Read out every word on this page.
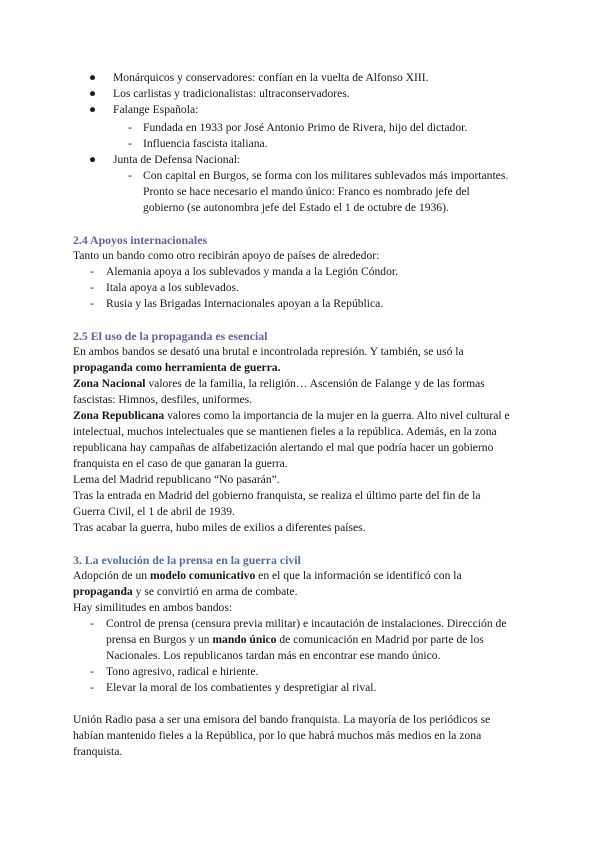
● Monárquicos y conservadores: confían en la vuelta de Alfonso XIII.
● Los carlistas y tradicionalistas: ultraconservadores.
● Falange Española:
- Fundada en 1933 por José Antonio Primo de Rivera, hijo del dictador.
- Influencia fascista italiana.
● Junta de Defensa Nacional:
- Con capital en Burgos, se forma con los militares sublevados más importantes. Pronto se hace necesario el mando único: Franco es nombrado jefe del gobierno (se autonombra jefe del Estado el 1 de octubre de 1936).
2.4 Apoyos internacionales

Tanto un bando como otro recibirán apoyo de países de alrededor:

- Alemania apoya a los sublevados y manda a la Legión Cóndor.
- Itala apoya a los sublevados.
- Rusia y las Brigadas Internacionales apoyan a la República.
2.5 El uso de la propaganda es esencial

En ambos bandos se desató una brutal e incontrolada represión. Y también, se usó la propaganda como herramienta de guerra.

Zona Nacional valores de la familia, la religión… Ascensión de Falange y de las formas fascistas: Himnos, desfiles, uniformes.

Zona Republicana valores como la importancia de la mujer en la guerra. Alto nivel cultural e intelectual, muchos intelectuales que se mantienen fieles a la república. Además, en la zona republicana hay campañas de alfabetización alertando el mal que podría hacer un gobierno franquista en el caso de que ganaran la guerra.

Lema del Madrid republicano “No pasarán”.

Tras la entrada en Madrid del gobierno franquista, se realiza el último parte del fin de la Guerra Civil, el 1 de abril de 1939.

Tras acabar la guerra, hubo miles de exilios a diferentes países.

3. La evolución de la prensa en la guerra civil

Adopción de un modelo comunicativo en el que la información se identificó con la propaganda y se convirtió en arma de combate.

Hay similitudes en ambos bandos:

- Control de prensa (censura previa militar) e incautación de instalaciones. Dirección de prensa en Burgos y un mando único de comunicación en Madrid por parte de los Nacionales. Los republicanos tardan más en encontrar ese mando único.
- Tono agresivo, radical e hiriente.
- Elevar la moral de los combatientes y despretigiar al rival.

Unión Radio pasa a ser una emisora del bando franquista. La mayoría de los periódicos se habían mantenido fieles a la República, por lo que habrá muchos más medios en la zona franquista.
